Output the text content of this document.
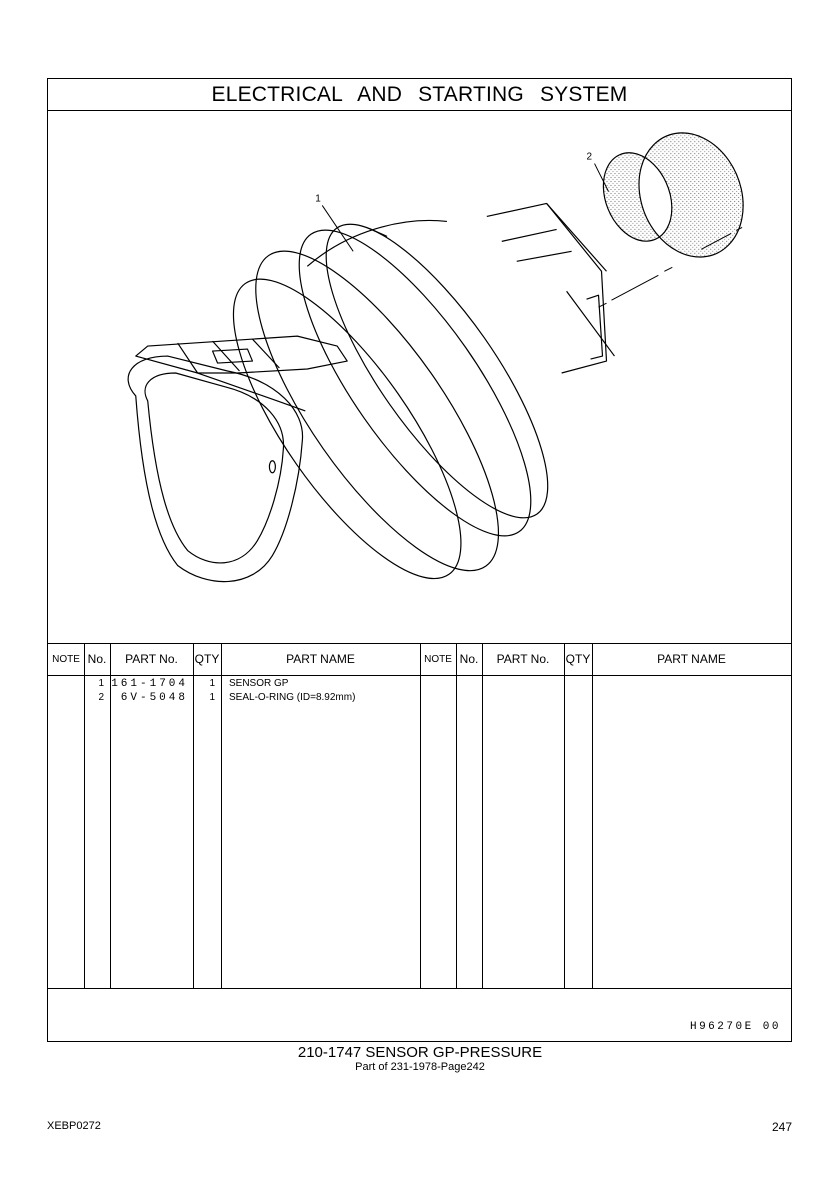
ELECTRICAL AND STARTING SYSTEM
1
2
NOTE No.	PART No.	QTY	PART NAME	NOTE No.	PART No.	QTY	PART NAME
1 161-1704	1 SENSOR GP
2	6V-5048	1 SEAL-O-RING (ID=8.92mm)
H96270E 00
210-1747 SENSOR GP-PRESSURE
Part of 231-1978-Page242
XEBP0272	247
